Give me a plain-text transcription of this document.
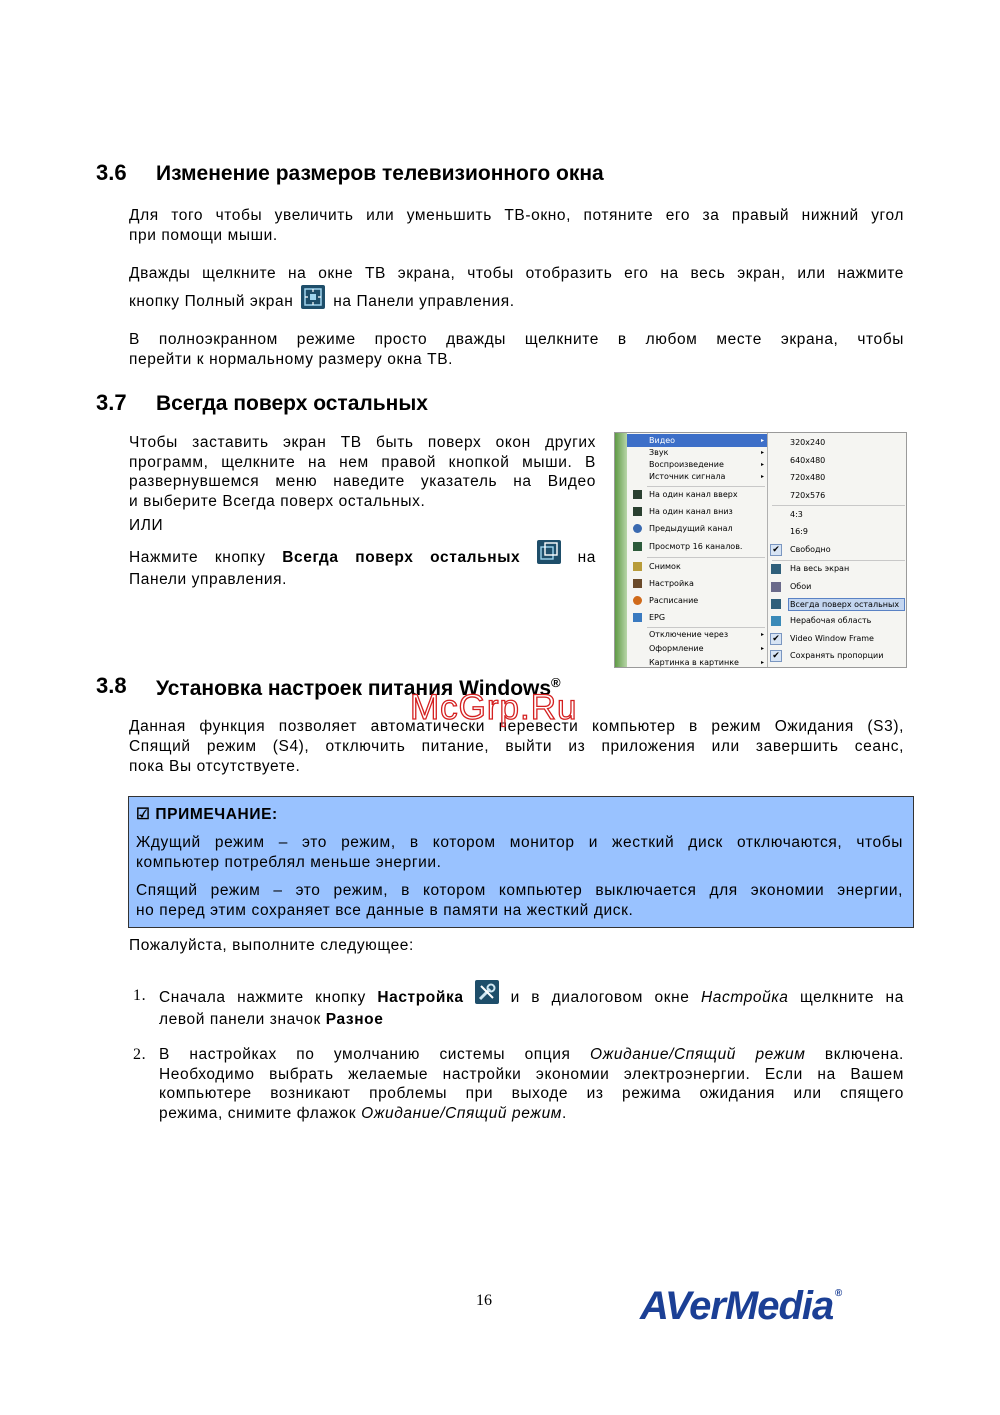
3.6 Изменение размеров телевизионного окна
Для того чтобы увеличить или уменьшить ТВ-окно, потяните его за правый нижний угол
при помощи мыши.
Дважды щелкните на окне ТВ экрана, чтобы отобразить его на весь экран, или нажмите
кнопку Полный экран	на Панели управления.
В полноэкранном режиме просто дважды щелкните в любом месте экрана, чтобы
перейти к нормальному размеру окна ТВ.
3.7 Всегда поверх остальных
Чтобы заставить экран ТВ быть поверх окон других
программ, щелкните на нем правой кнопкой мыши. В
развернувшемся меню наведите указатель на Видео
и выберите Всегда поверх остальных.
ИЛИ
Нажмите кнопку Всегда поверх остальных	на
Панели управления.
Видео	▸
Звук	▸
Воспроизведение	▸
Источник сигнала	▸
На один канал вверх
На один канал вниз
Предыдущий канал
Просмотр 16 каналов.
Снимок
Настройка
Расписание
EPG
Отключение через	▸
Оформление	▸
Картинка в картинке	▸
320x240
640x480
720x480
720x576
4:3
16:9
✔ Свободно
На весь экран
Обои
Всегда поверх остальных
Нерабочая область
✔ Video Window Frame
✔ Сохранять пропорции
3.8 Установка настроек питания Windows®
Данная функция позволяет автоматически перевести компьютер в режим Ожидания (S3),
Спящий режим (S4), отключить питание, выйти из приложения или завершить сеанс,
пока Вы отсутствуете.
McGrp.Ru
☑ ПРИМЕЧАНИЕ:
Ждущий режим – это режим, в котором монитор и жесткий диск отключаются, чтобы
компьютер потреблял меньше энергии.
Спящий режим – это режим, в котором компьютер выключается для экономии энергии,
но перед этим сохраняет все данные в памяти на жесткий диск.
Пожалуйста, выполните следующее:
1. Сначала нажмите кнопку Настройка	и в диалоговом окне Настройка щелкните на
левой панели значок Разное
2. В настройках по умолчанию системы опция Ожидание/Спящий режим включена.
Необходимо выбрать желаемые настройки экономии электроэнергии. Если на Вашем
компьютере возникают проблемы при выходе из режима ожидания или спящего
режима, снимите флажок Ожидание/Спящий режим.
16	AVerMedia ®
